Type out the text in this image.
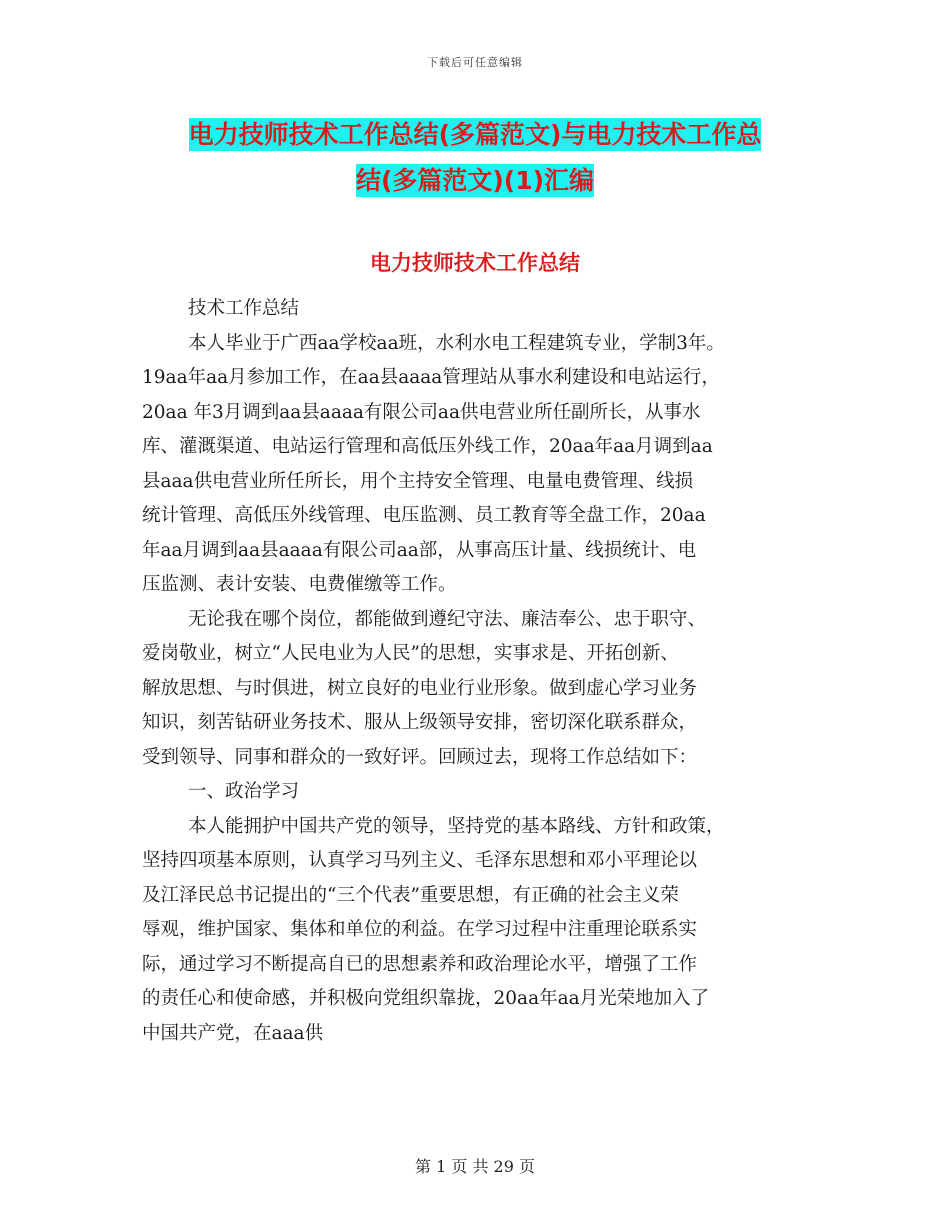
下载后可任意编辑
电力技师技术工作总结(多篇范文)与电力技术工作总
结(多篇范文)(1)汇编
电力技师技术工作总结

技术工作总结

本人毕业于广西aa学校aa班，水利水电工程建筑专业，学制3年。

19aa年aa月参加工作，在aa县aaaa管理站从事水利建设和电站运行，

20aa 年3月调到aa县aaaa有限公司aa供电营业所任副所长，从事水

库、灌溉渠道、电站运行管理和高低压外线工作，20aa年aa月调到aa

县aaa供电营业所任所长，用个主持安全管理、电量电费管理、线损

统计管理、高低压外线管理、电压监测、员工教育等全盘工作，20aa

年aa月调到aa县aaaa有限公司aa部，从事高压计量、线损统计、电

压监测、表计安装、电费催缴等工作。

无论我在哪个岗位，都能做到遵纪守法、廉洁奉公、忠于职守、

爱岗敬业，树立“人民电业为人民”的思想，实事求是、开拓创新、

解放思想、与时俱进，树立良好的电业行业形象。做到虚心学习业务

知识，刻苦钻研业务技术、服从上级领导安排，密切深化联系群众，

受到领导、同事和群众的一致好评。回顾过去，现将工作总结如下：

一、政治学习

本人能拥护中国共产党的领导，坚持党的基本路线、方针和政策，

坚持四项基本原则，认真学习马列主义、毛泽东思想和邓小平理论以

及江泽民总书记提出的“三个代表”重要思想，有正确的社会主义荣

辱观，维护国家、集体和单位的利益。在学习过程中注重理论联系实

际，通过学习不断提高自已的思想素养和政治理论水平，增强了工作

的责任心和使命感，并积极向党组织靠拢，20aa年aa月光荣地加入了

中国共产党，在aaa供

第 1 页 共 29 页
